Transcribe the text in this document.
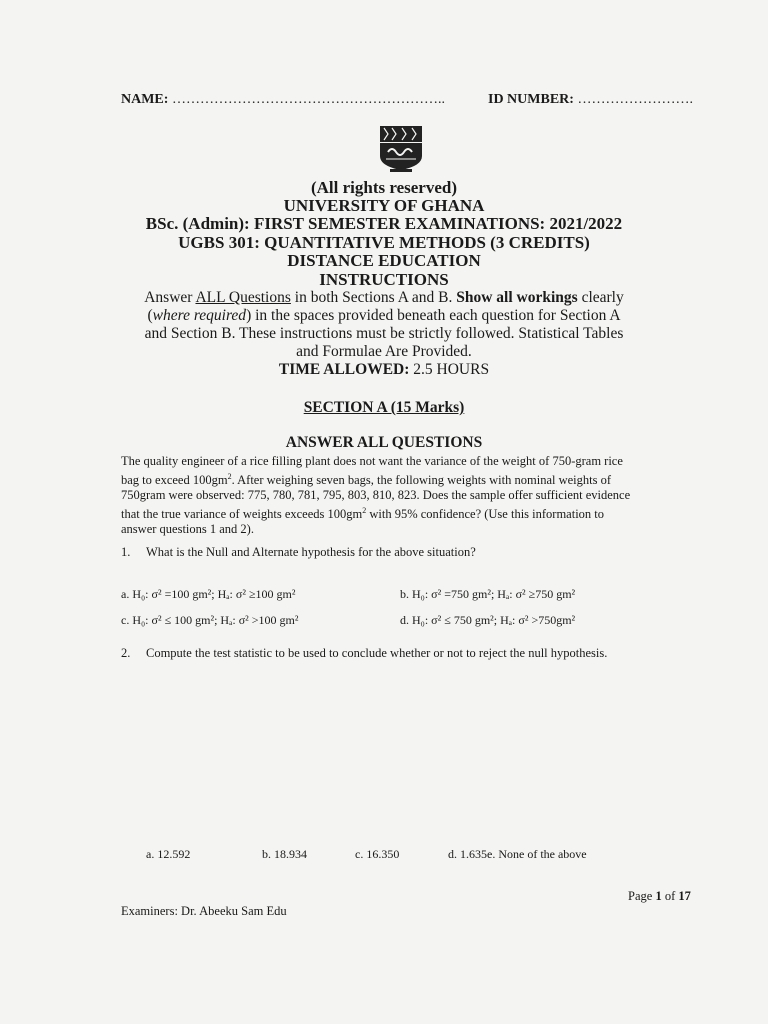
NAME: …………………………………………………..	ID NUMBER: …………………….
(All rights reserved)
UNIVERSITY OF GHANA
BSc. (Admin): FIRST SEMESTER EXAMINATIONS: 2021/2022
UGBS 301: QUANTITATIVE METHODS (3 CREDITS)
DISTANCE EDUCATION
INSTRUCTIONS
Answer ALL Questions in both Sections A and B. Show all workings clearly
(where required) in the spaces provided beneath each question for Section A
and Section B. These instructions must be strictly followed. Statistical Tables
and Formulae Are Provided.
TIME ALLOWED: 2.5 HOURS
SECTION A (15 Marks)
ANSWER ALL QUESTIONS
The quality engineer of a rice filling plant does not want the variance of the weight of 750-gram rice
bag to exceed $100gm^2$. After weighing seven bags, the following weights with nominal weights of
750gram were observed: 775, 780, 781, 795, 803, 810, 823. Does the sample offer sufficient evidence
that the true variance of weights exceeds $100gm^2$ with 95% confidence? (Use this information to
answer questions 1 and 2).
1. What is the Null and Alternate hypothesis for the above situation?
a. H₀: σ² =100 gm²; Hₐ: σ² ≥100 gm²	b. H₀: σ² =750 gm²; Hₐ: σ² ≥750 gm²
c. H₀: σ² ≤ 100 gm²; Hₐ: σ² >100 gm²	d. H₀: σ² ≤ 750 gm²; Hₐ: σ² >750gm²
2. Compute the test statistic to be used to conclude whether or not to reject the null hypothesis.
a. 12.592	b. 18.934	c. 16.350	d. 1.635e. None of the above
Page 1 of 17
Examiners: Dr. Abeeku Sam Edu
